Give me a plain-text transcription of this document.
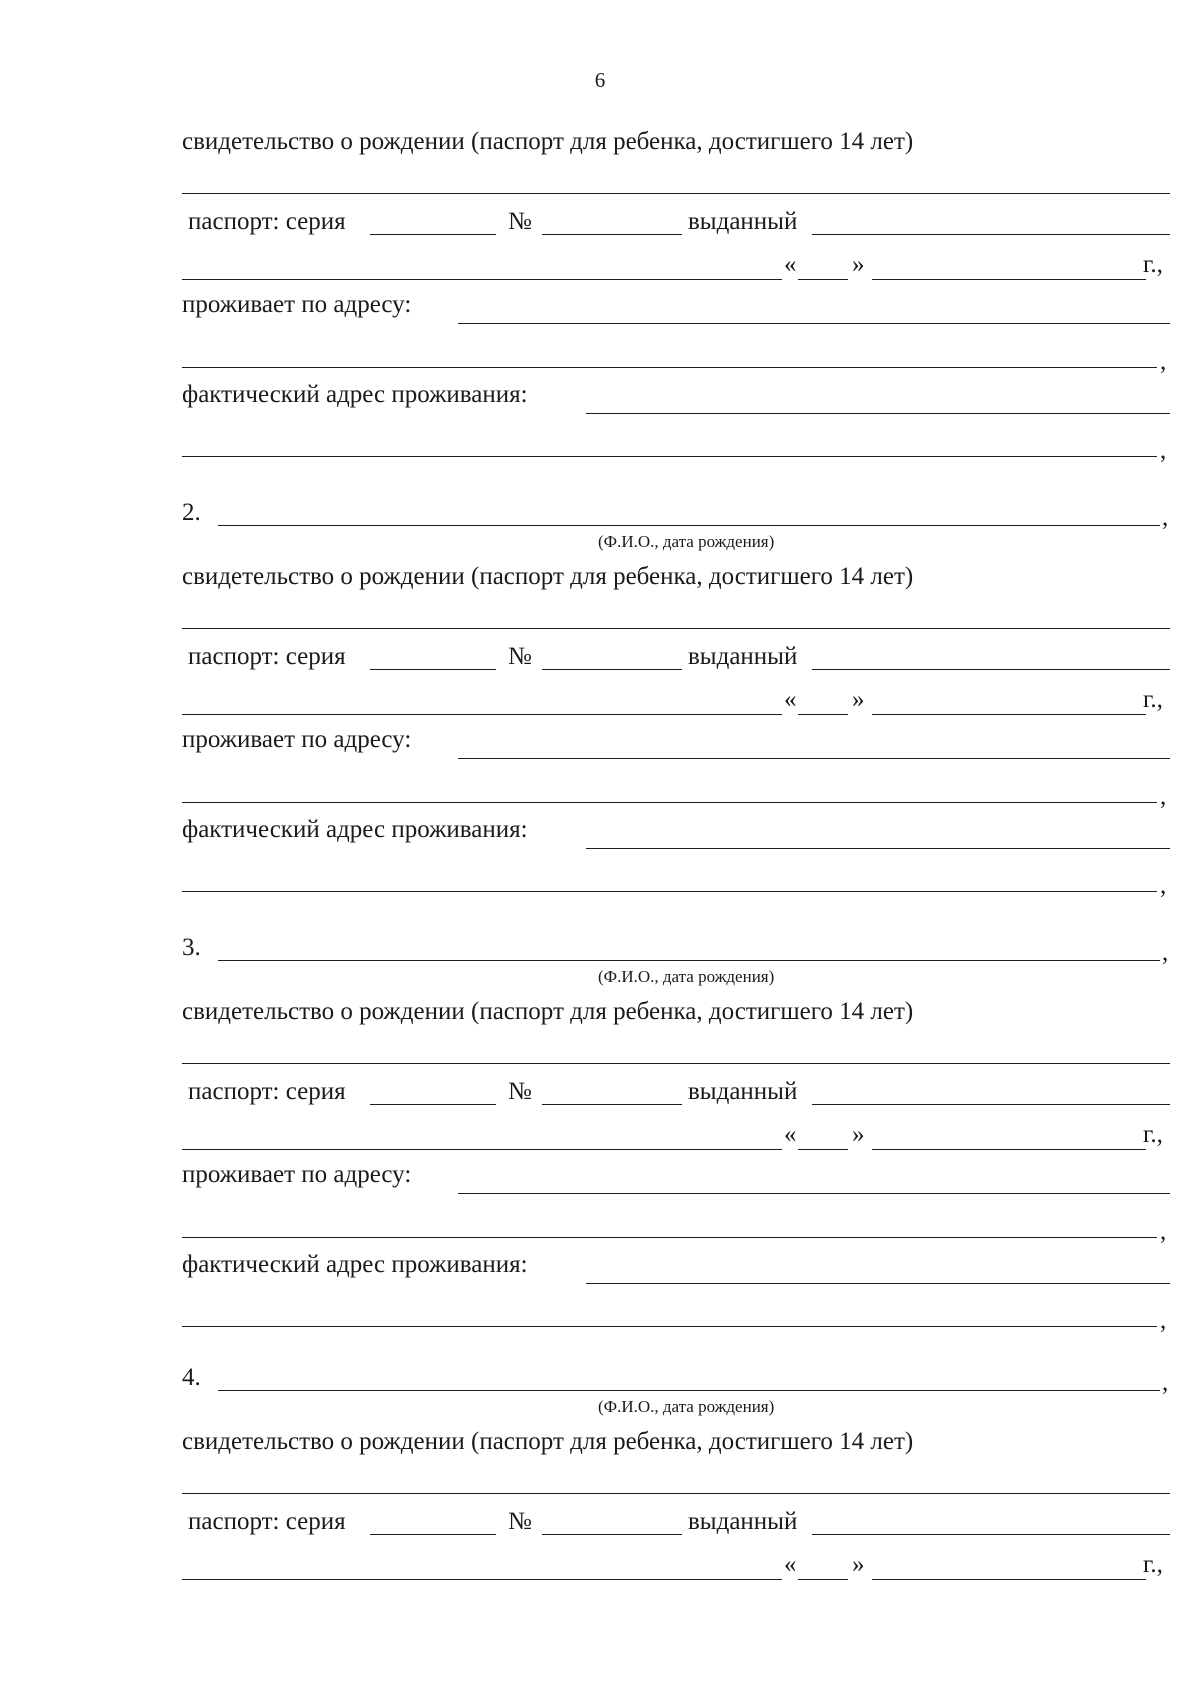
6
свидетельство о рождении (паспорт для ребенка, достигшего 14 лет)
паспорт: серия	№	выданный
« »	г.,
проживает по адресу:
,
фактический адрес проживания:
,
2.	,
(Ф.И.О., дата рождения)
свидетельство о рождении (паспорт для ребенка, достигшего 14 лет)
паспорт: серия	№	выданный
« »	г.,
проживает по адресу:
,
фактический адрес проживания:
,
3.	,
(Ф.И.О., дата рождения)
свидетельство о рождении (паспорт для ребенка, достигшего 14 лет)
паспорт: серия	№	выданный
« »	г.,
проживает по адресу:
,
фактический адрес проживания:
,
4.	,
(Ф.И.О., дата рождения)
свидетельство о рождении (паспорт для ребенка, достигшего 14 лет)
паспорт: серия	№	выданный
« »	г.,
